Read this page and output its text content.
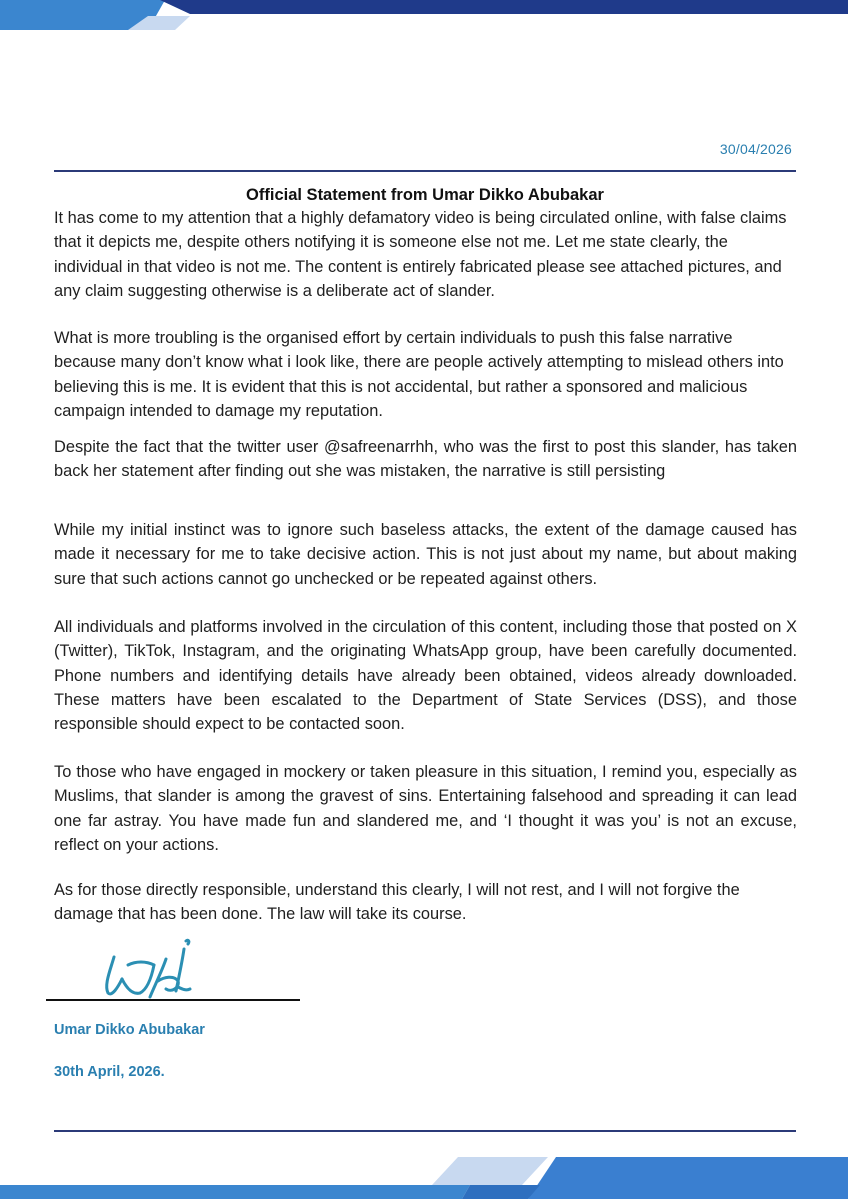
30/04/2026
Official Statement from Umar Dikko Abubakar
It has come to my attention that a highly defamatory video is being circulated online, with false claims that it depicts me, despite others notifying it is someone else not me. Let me state clearly, the individual in that video is not me. The content is entirely fabricated please see attached pictures, and any claim suggesting otherwise is a deliberate act of slander.
What is more troubling is the organised effort by certain individuals to push this false narrative because many don’t know what i look like, there are people actively attempting to mislead others into believing this is me. It is evident that this is not accidental, but rather a sponsored and malicious campaign intended to damage my reputation.
Despite the fact that the twitter user @safreenarrhh, who was the first to post this slander, has taken back her statement after finding out she was mistaken, the narrative is still persisting
While my initial instinct was to ignore such baseless attacks, the extent of the damage caused has made it necessary for me to take decisive action. This is not just about my name, but about making sure that such actions cannot go unchecked or be repeated against others.
All individuals and platforms involved in the circulation of this content, including those that posted on X (Twitter), TikTok, Instagram, and the originating WhatsApp group, have been carefully documented. Phone numbers and identifying details have already been obtained, videos already downloaded. These matters have been escalated to the Department of State Services (DSS), and those responsible should expect to be contacted soon.
To those who have engaged in mockery or taken pleasure in this situation, I remind you, especially as Muslims, that slander is among the gravest of sins. Entertaining falsehood and spreading it can lead one far astray. You have made fun and slandered me, and ‘I thought it was you’ is not an excuse, reflect on your actions.
As for those directly responsible, understand this clearly, I will not rest, and I will not forgive the damage that has been done. The law will take its course.
Umar Dikko Abubakar
30th April, 2026.
